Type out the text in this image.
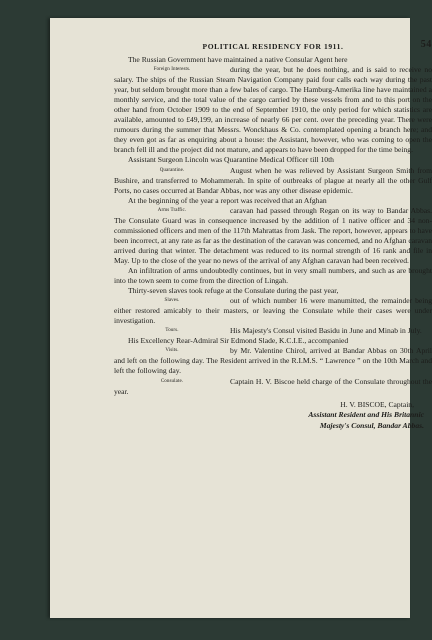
POLITICAL RESIDENCY FOR 1911.	54

The Russian Government have maintained a native Consular Agent here

Foreign Interests.	during the year, but he does nothing, and is said to receive no salary. The ships of the Russian Steam Navigation Company paid four calls each way during the past year, but seldom brought more than a few bales of cargo. The Hamburg-Amerika line have maintained a monthly service, and the total value of the cargo carried by these vessels from and to this port on the other hand from October 1909 to the end of September 1910, the only period for which statistics are available, amounted to £49,199, an increase of nearly 66 per cent. over the preceding year. There were rumours during the summer that Messrs. Wonckhaus & Co. contemplated opening a branch here; and they even got as far as enquiring about a house: the Assistant, however, who was coming to open the branch fell ill and the project did not mature, and appears to have been dropped for the time being.

Assistant Surgeon Lincoln was Quarantine Medical Officer till 10th

Quarantine.	August when he was relieved by Assistant Surgeon Smith from Bushire, and transferred to Mohammerah. In spite of outbreaks of plague at nearly all the other Gulf Ports, no cases occurred at Bandar Abbas, nor was any other disease epidemic.

At the beginning of the year a report was received that an Afghan

Arms Traffic.	caravan had passed through Regan on its way to Bandar Abbas. The Consulate Guard was in consequence increased by the addition of 1 native officer and 34 non-commissioned officers and men of the 117th Mahrattas from Jask. The report, however, appears to have been incorrect, at any rate as far as the destination of the caravan was concerned, and no Afghan caravan arrived during that winter. The detachment was reduced to its normal strength of 16 rank and file in May. Up to the close of the year no news of the arrival of any Afghan caravan had been received.

An infiltration of arms undoubtedly continues, but in very small numbers, and such as are brought into the town seem to come from the direction of Lingah.

Thirty-seven slaves took refuge at the Consulate during the past year,

Slaves.	out of which number 16 were manumitted, the remainder being either restored amicably to their masters, or leaving the Consulate while their cases were under investigation.

Tours.	His Majesty's Consul visited Basidu in June and Minab in July.

His Excellency Rear-Admiral Sir Edmond Slade, K.C.I.E., accompanied

Visits.	by Mr. Valentine Chirol, arrived at Bandar Abbas on 30th April and left on the following day. The Resident arrived in the R.I.M.S. “ Lawrence ” on the 10th March and left the following day.

Consulate.	Captain H. V. Biscoe held charge of the Consulate throughout the year.

H. V. BISCOE, Captain,
Assistant Resident and His Britannic
Majesty's Consul, Bandar Abbas.
